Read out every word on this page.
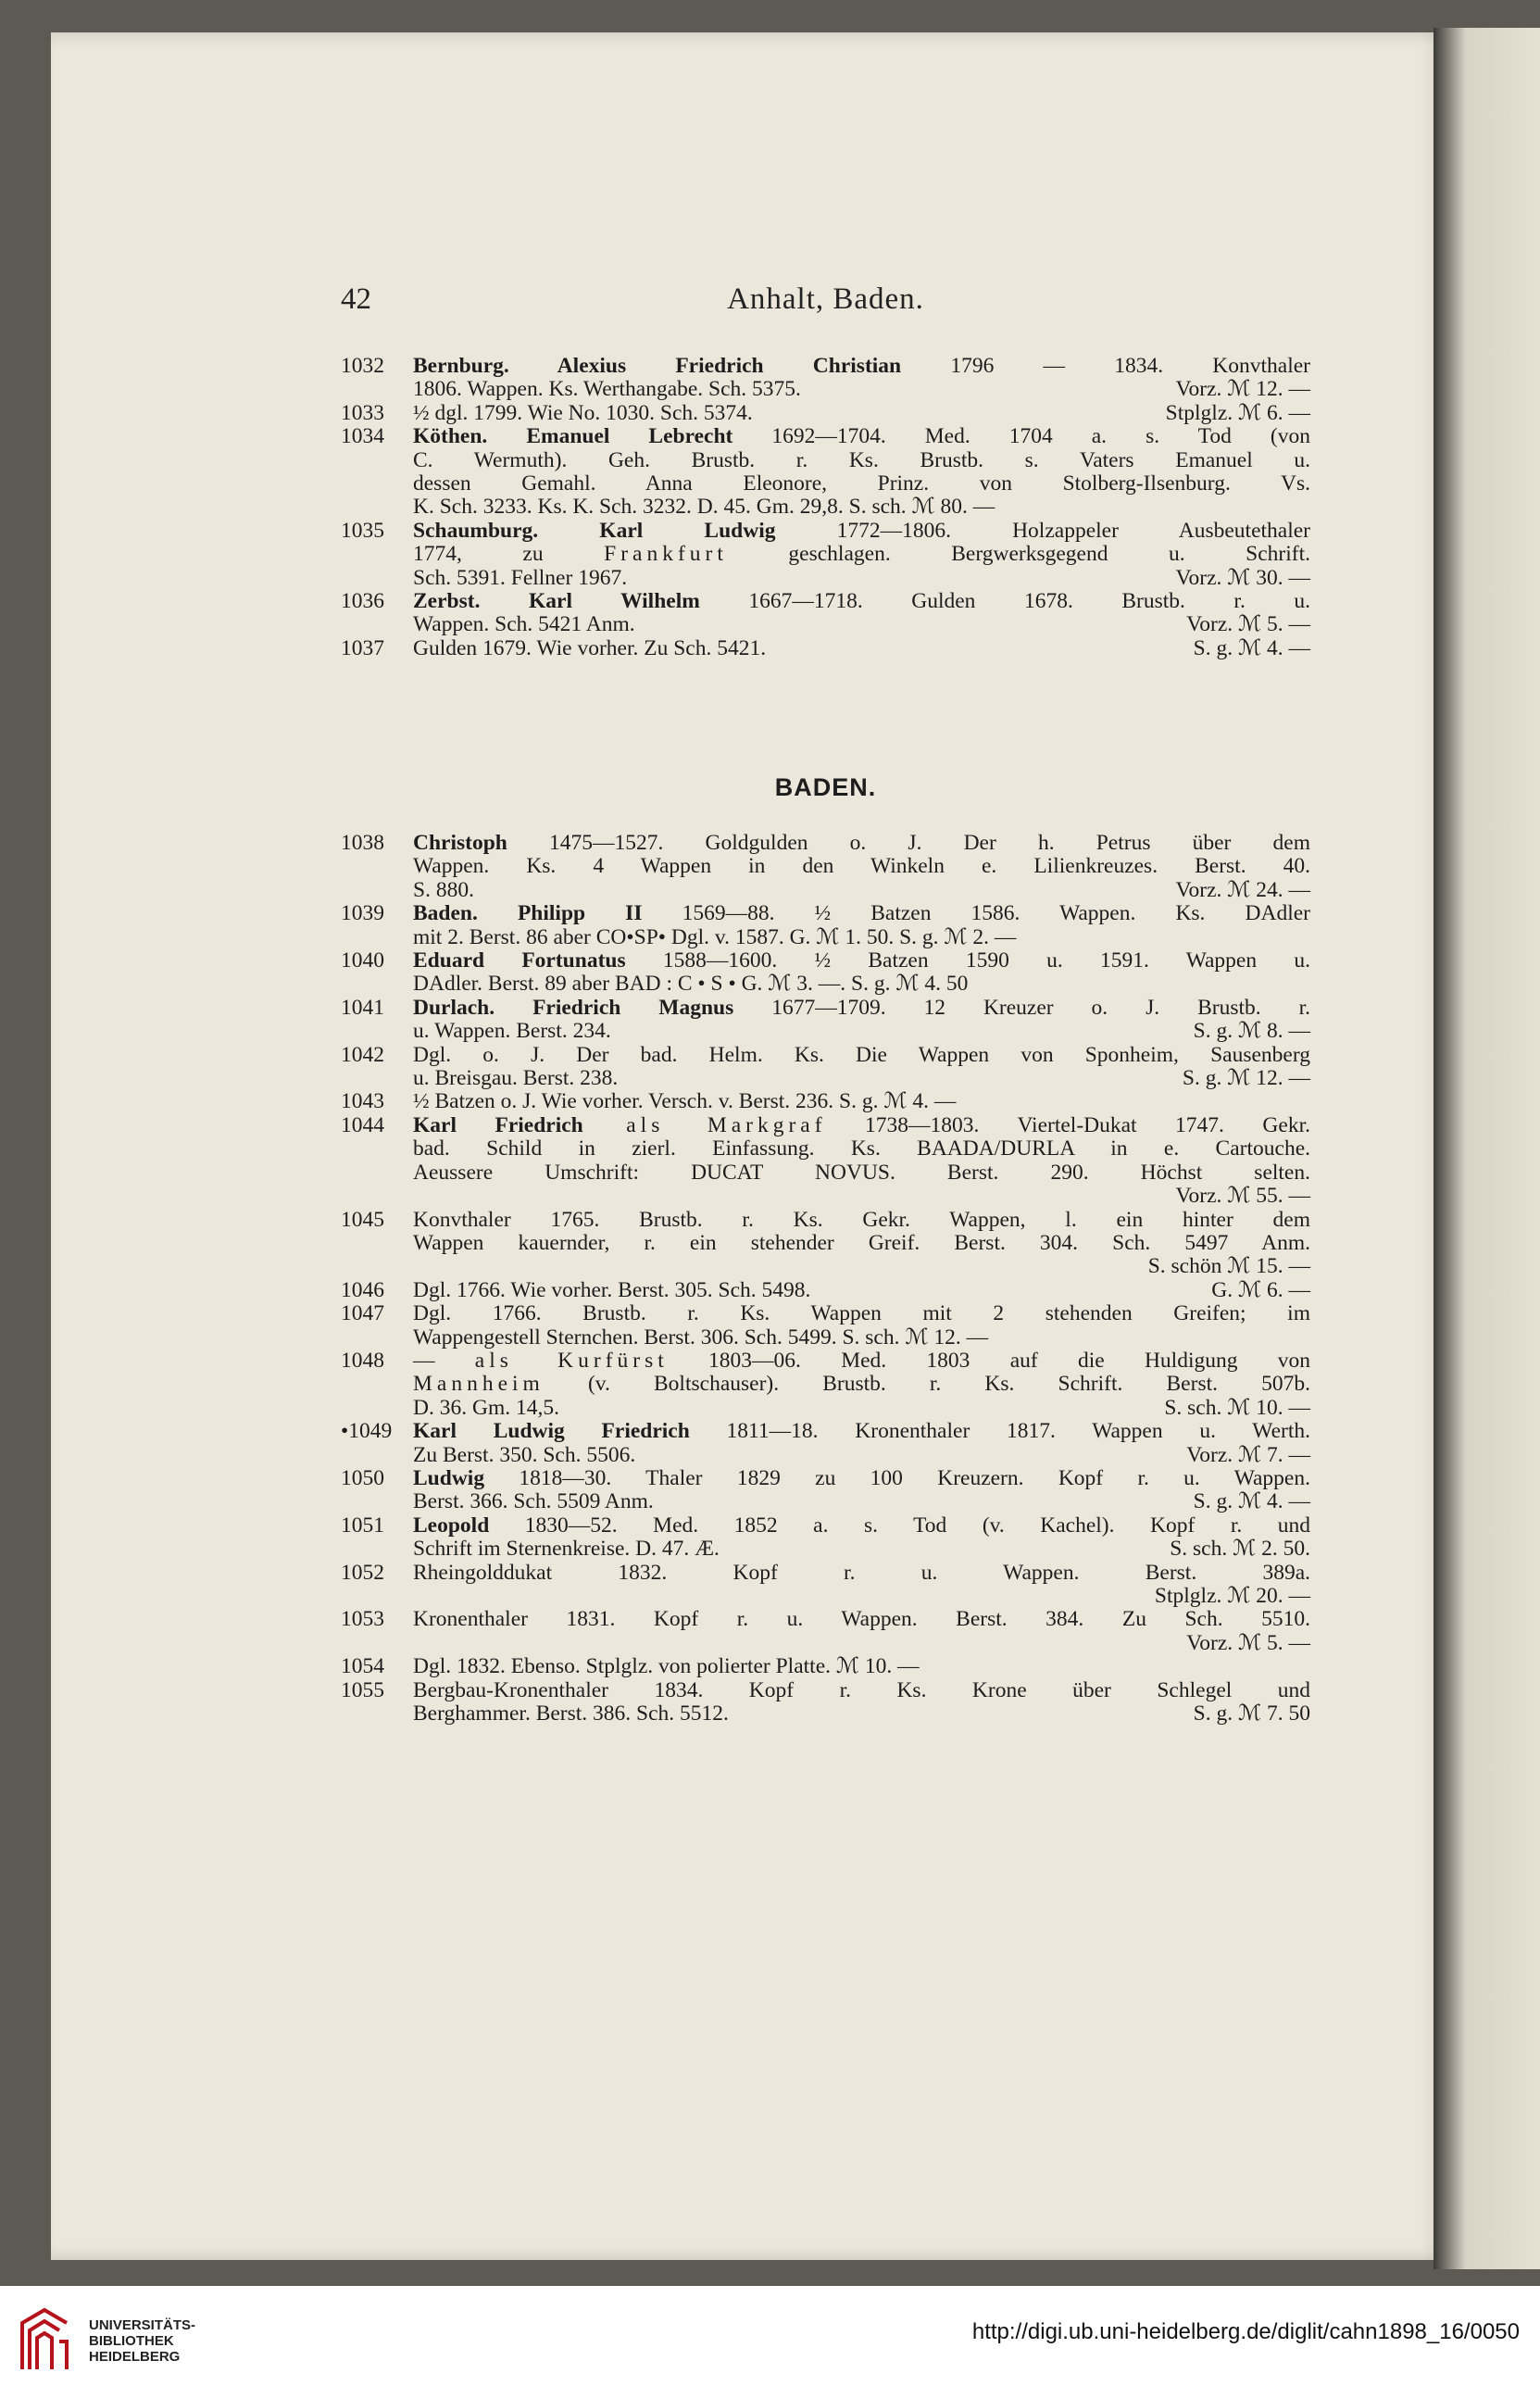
42	Anhalt, Baden.
1032 Bernburg. Alexius Friedrich Christian 1796 — 1834. Konvthaler
1806. Wappen. Ks. Werthangabe. Sch. 5375.	Vorz. ℳ 12. —
1033 ½ dgl. 1799. Wie No. 1030. Sch. 5374.	Stplglz. ℳ 6. —
1034 Köthen. Emanuel Lebrecht 1692—1704. Med. 1704 a. s. Tod (von
C. Wermuth). Geh. Brustb. r. Ks. Brustb. s. Vaters Emanuel u.
dessen Gemahl. Anna Eleonore, Prinz. von Stolberg-Ilsenburg. Vs.
K. Sch. 3233. Ks. K. Sch. 3232. D. 45. Gm. 29,8. S. sch. ℳ 80. —
1035 Schaumburg. Karl Ludwig 1772—1806. Holzappeler Ausbeutethaler
1774, zu Frankfurt geschlagen. Bergwerksgegend u. Schrift.
Sch. 5391. Fellner 1967.	Vorz. ℳ 30. —
1036 Zerbst. Karl Wilhelm 1667—1718. Gulden 1678. Brustb. r. u.
Wappen. Sch. 5421 Anm.	Vorz. ℳ 5. —
1037 Gulden 1679. Wie vorher. Zu Sch. 5421.	S. g. ℳ 4. —
BADEN.
1038 Christoph 1475—1527. Goldgulden o. J. Der h. Petrus über dem
Wappen. Ks. 4 Wappen in den Winkeln e. Lilienkreuzes. Berst. 40.
S. 880.	Vorz. ℳ 24. —
1039 Baden. Philipp II 1569—88. ½ Batzen 1586. Wappen. Ks. DAdler
mit 2. Berst. 86 aber CO•SP• Dgl. v. 1587. G. ℳ 1. 50. S. g. ℳ 2. —
1040 Eduard Fortunatus 1588—1600. ½ Batzen 1590 u. 1591. Wappen u.
DAdler. Berst. 89 aber BAD : C • S • G. ℳ 3. —. S. g. ℳ 4. 50
1041 Durlach. Friedrich Magnus 1677—1709. 12 Kreuzer o. J. Brustb. r.
u. Wappen. Berst. 234.	S. g. ℳ 8. —
1042 Dgl. o. J. Der bad. Helm. Ks. Die Wappen von Sponheim, Sausenberg
u. Breisgau. Berst. 238.	S. g. ℳ 12. —
1043 ½ Batzen o. J. Wie vorher. Versch. v. Berst. 236. S. g. ℳ 4. —
1044 Karl Friedrich als Markgraf 1738—1803. Viertel-Dukat 1747. Gekr.
bad. Schild in zierl. Einfassung. Ks. BAADA/DURLA in e. Cartouche.
Aeussere Umschrift: DUCAT NOVUS. Berst. 290. Höchst selten.
Vorz. ℳ 55. —
1045 Konvthaler 1765. Brustb. r. Ks. Gekr. Wappen, l. ein hinter dem
Wappen kauernder, r. ein stehender Greif. Berst. 304. Sch. 5497 Anm.
S. schön ℳ 15. —
1046 Dgl. 1766. Wie vorher. Berst. 305. Sch. 5498.	G. ℳ 6. —
1047 Dgl. 1766. Brustb. r. Ks. Wappen mit 2 stehenden Greifen; im
Wappengestell Sternchen. Berst. 306. Sch. 5499. S. sch. ℳ 12. —
1048 — als Kurfürst 1803—06. Med. 1803 auf die Huldigung von
Mannheim (v. Boltschauser). Brustb. r. Ks. Schrift. Berst. 507b.
D. 36. Gm. 14,5.	S. sch. ℳ 10. —
•1049 Karl Ludwig Friedrich 1811—18. Kronenthaler 1817. Wappen u. Werth.
Zu Berst. 350. Sch. 5506.	Vorz. ℳ 7. —
1050 Ludwig 1818—30. Thaler 1829 zu 100 Kreuzern. Kopf r. u. Wappen.
Berst. 366. Sch. 5509 Anm.	S. g. ℳ 4. —
1051 Leopold 1830—52. Med. 1852 a. s. Tod (v. Kachel). Kopf r. und
Schrift im Sternenkreise. D. 47. Æ.	S. sch. ℳ 2. 50.
1052 Rheingolddukat 1832. Kopf r. u. Wappen. Berst. 389a.
Stplglz. ℳ 20. —
1053 Kronenthaler 1831. Kopf r. u. Wappen. Berst. 384. Zu Sch. 5510.
Vorz. ℳ 5. —
1054 Dgl. 1832. Ebenso. Stplglz. von polierter Platte. ℳ 10. —
1055 Bergbau-Kronenthaler 1834. Kopf r. Ks. Krone über Schlegel und
Berghammer. Berst. 386. Sch. 5512.	S. g. ℳ 7. 50
UNIVERSITÄTS-
BIBLIOTHEK
HEIDELBERG
http://digi.ub.uni-heidelberg.de/diglit/cahn1898_16/0050
